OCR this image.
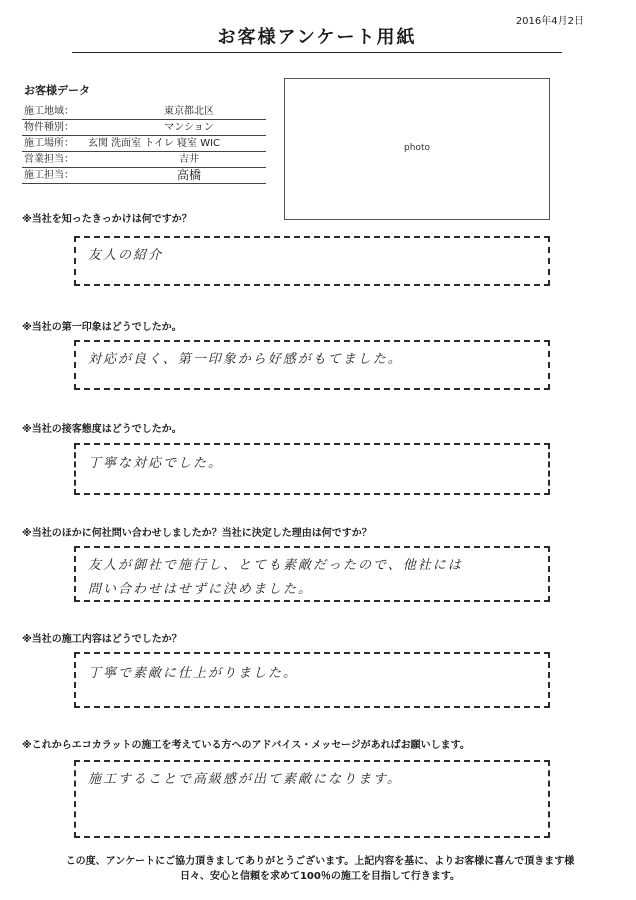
2016年4月2日
お客様アンケート用紙
お客様データ
施工地域：	東京都北区
物件種別：	マンション
施工場所： 玄関 洗面室 トイレ 寝室 WIC
営業担当：	吉井
施工担当：	高橋
photo
※当社を知ったきっかけは何ですか？
友人の紹介
※当社の第一印象はどうでしたか。
対応が良く、第一印象から好感がもてました。
※当社の接客態度はどうでしたか。
丁寧な対応でした。
※当社のほかに何社問い合わせしましたか？当社に決定した理由は何ですか？
友人が御社で施行し、とても素敵だったので、他社には
問い合わせはせずに決めました。
※当社の施工内容はどうでしたか？
丁寧で素敵に仕上がりました。
※これからエコカラットの施工を考えている方へのアドバイス・メッセージがあればお願いします。
施工することで高級感が出て素敵になります。
この度、アンケートにご協力頂きましてありがとうございます。上記内容を基に、よりお客様に喜んで頂きます様
日々、安心と信頼を求めて100％の施工を目指して行きます。
